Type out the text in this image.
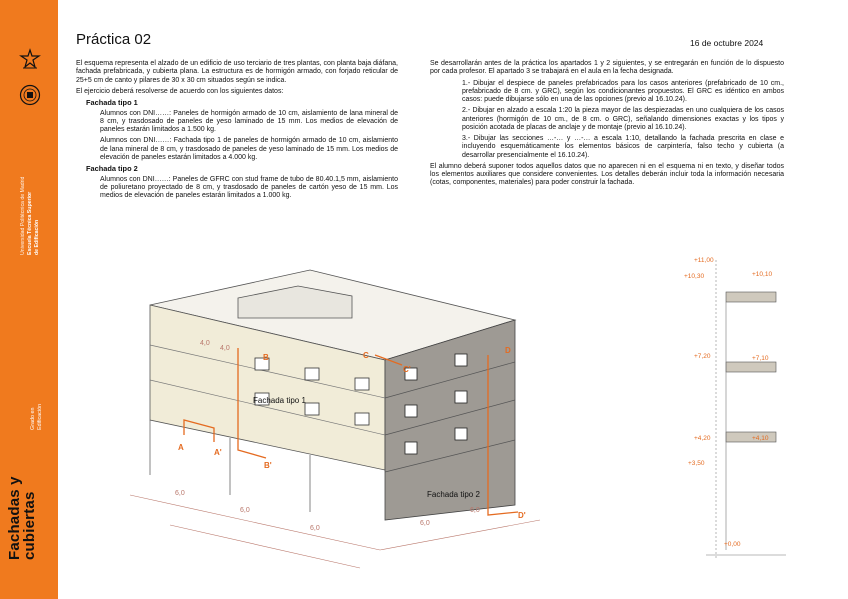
Universidad Politécnica de Madrid Escuela Técnica Superior de Edificación
Grado en Edificación
Fachadas y
cubiertas
Práctica 02	16 de octubre 2024

El esquema representa el alzado de un edificio de uso terciario de tres plantas, con planta baja diáfana, fachada prefabricada, y cubierta plana. La estructura es de hormigón armado, con forjado reticular de 25+5 cm de canto y pilares de 30 x 30 cm situados según se indica.

El ejercicio deberá resolverse de acuerdo con los siguientes datos:

Fachada tipo 1

Alumnos con DNI……: Paneles de hormigón armado de 10 cm, aislamiento de lana mineral de 8 cm, y trasdosado de paneles de yeso laminado de 15 mm. Los medios de elevación de paneles estarán limitados a 1.500 kg.

Alumnos con DNI……: Fachada tipo 1 de paneles de hormigón armado de 10 cm, aislamiento de lana mineral de 8 cm, y trasdosado de paneles de yeso laminado de 15 mm. Los medios de elevación de paneles estarán limitados a 4.000 kg.

Fachada tipo 2

Alumnos con DNI……: Paneles de GFRC con stud frame de tubo de 80.40.1,5 mm, aislamiento de poliuretano proyectado de 8 cm, y trasdosado de paneles de cartón yeso de 15 mm. Los medios de elevación de paneles estarán limitados a 1.000 kg.

Se desarrollarán antes de la práctica los apartados 1 y 2 siguientes, y se entregarán en función de lo dispuesto por cada profesor. El apartado 3 se trabajará en el aula en la fecha designada.

1.- Dibujar el despiece de paneles prefabricados para los casos anteriores (prefabricado de 10 cm., prefabricado de 8 cm. y GRC), según los condicionantes propuestos. El GRC es idéntico en ambos casos: puede dibujarse sólo en una de las opciones (previo al 16.10.24).

2.- Dibujar en alzado a escala 1:20 la pieza mayor de las despiezadas en uno cualquiera de los casos anteriores (hormigón de 10 cm., de 8 cm. o GRC), señalando dimensiones exactas y los tipos y posición acotada de placas de anclaje y de montaje (previo al 16.10.24).

3.- Dibujar las secciones …-… y …-… a escala 1:10, detallando la fachada prescrita en clase e incluyendo esquemáticamente los elementos básicos de carpintería, falso techo y cubierta (a desarrollar presencialmente el 16.10.24).

El alumno deberá suponer todos aquellos datos que no aparecen ni en el esquema ni en texto, y diseñar todos los elementos auxiliares que considere convenientes. Los detalles deberán incluir toda la información necesaria (cotas, componentes, materiales) para poder construir la fachada.

6,0
6,0
6,0
6,0
6,0
4,0
4,0
A
A'
B
B'
C
C'
D
D'
Fachada tipo 1
Fachada tipo 2
+11,00
+10,30	+10,10
+7,20	+7,10
+4,20	+4,10
+3,50
+0,00
